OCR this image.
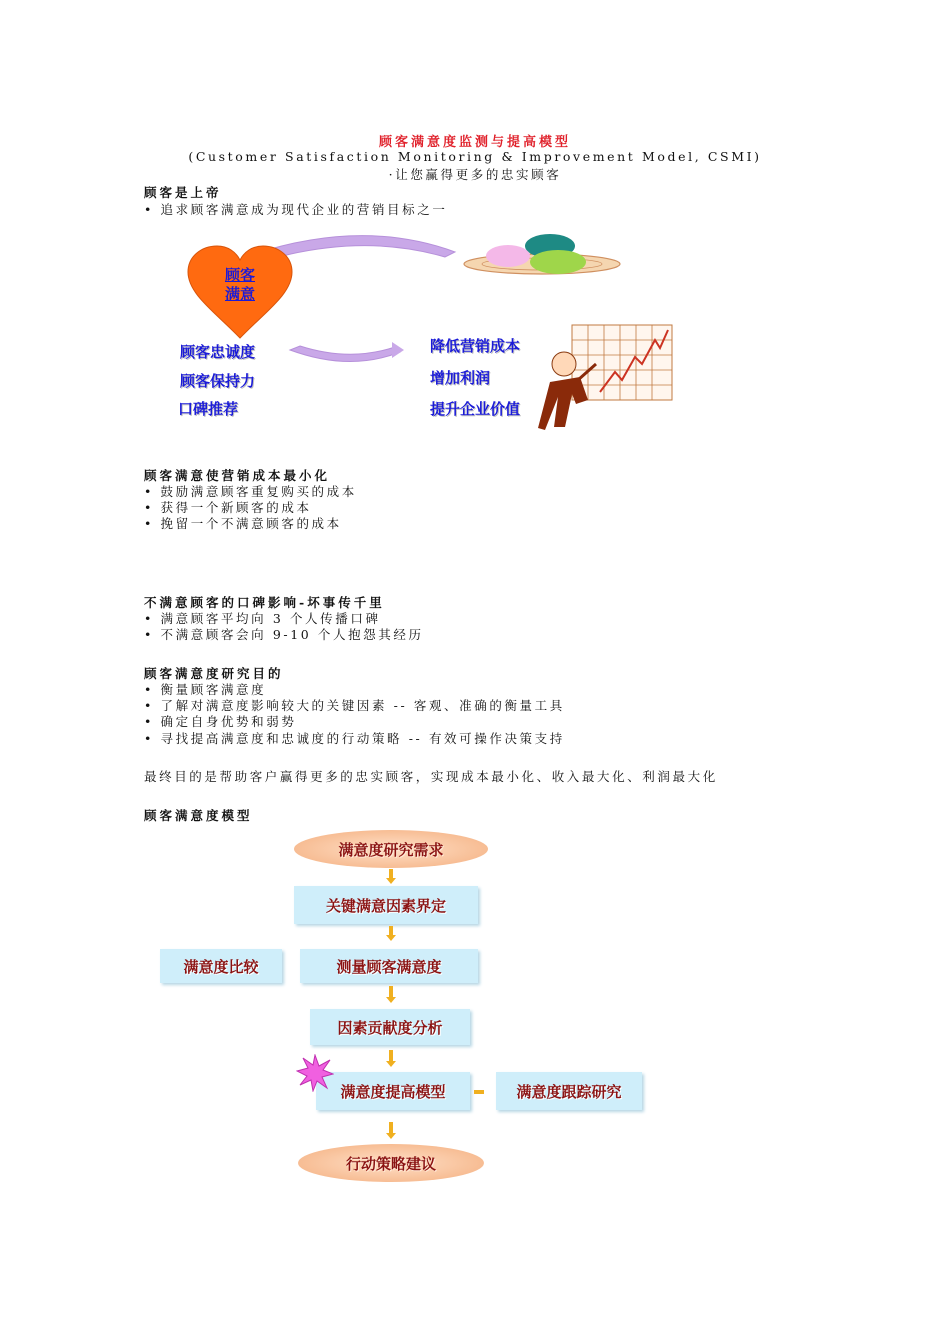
顾客满意度监测与提高模型
(Customer Satisfaction Monitoring & Improvement Model, CSMI)
·让您赢得更多的忠实顾客
顾客是上帝
• 追求顾客满意成为现代企业的营销目标之一
顾客
满意
顾客忠诚度
顾客保持力
口碑推荐
降低营销成本
增加利润
提升企业价值
顾客满意使营销成本最小化
• 鼓励满意顾客重复购买的成本
• 获得一个新顾客的成本
• 挽留一个不满意顾客的成本
不满意顾客的口碑影响-坏事传千里
• 满意顾客平均向 3 个人传播口碑
• 不满意顾客会向 9-10 个人抱怨其经历
顾客满意度研究目的
• 衡量顾客满意度
• 了解对满意度影响较大的关键因素 -- 客观、准确的衡量工具
• 确定自身优势和弱势
• 寻找提高满意度和忠诚度的行动策略 -- 有效可操作决策支持
最终目的是帮助客户赢得更多的忠实顾客，实现成本最小化、收入最大化、利润最大化
顾客满意度模型
满意度研究需求
关键满意因素界定
测量顾客满意度
满意度比较
因素贡献度分析
满意度提高模型	满意度跟踪研究
行动策略建议
